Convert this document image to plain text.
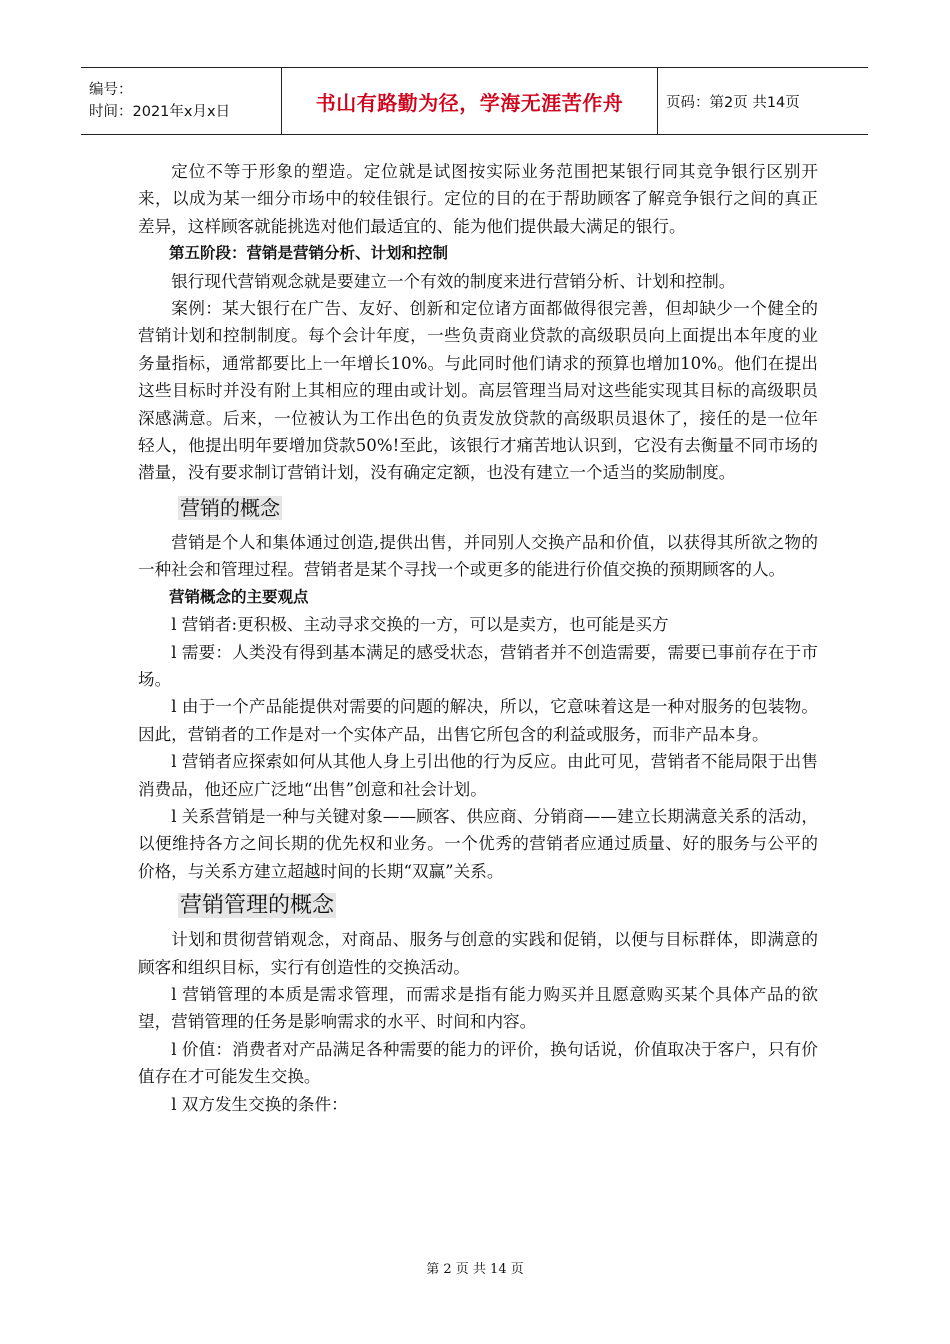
编号：
时间：2021年x月x日	书山有路勤为径，学海无涯苦作舟	页码：第2页 共14页

定位不等于形象的塑造。定位就是试图按实际业务范围把某银行同其竞争银行区别开来，以成为某一细分市场中的较佳银行。定位的目的在于帮助顾客了解竞争银行之间的真正差异，这样顾客就能挑选对他们最适宜的、能为他们提供最大满足的银行。

第五阶段：营销是营销分析、计划和控制

银行现代营销观念就是要建立一个有效的制度来进行营销分析、计划和控制。

案例：某大银行在广告、友好、创新和定位诸方面都做得很完善，但却缺少一个健全的营销计划和控制制度。每个会计年度，一些负责商业贷款的高级职员向上面提出本年度的业务量指标，通常都要比上一年增长10%。与此同时他们请求的预算也增加10%。他们在提出这些目标时并没有附上其相应的理由或计划。高层管理当局对这些能实现其目标的高级职员深感满意。后来，一位被认为工作出色的负责发放贷款的高级职员退休了，接任的是一位年轻人，他提出明年要增加贷款50%!至此，该银行才痛苦地认识到，它没有去衡量不同市场的潜量，没有要求制订营销计划，没有确定定额，也没有建立一个适当的奖励制度。

营销的概念

营销是个人和集体通过创造,提供出售，并同别人交换产品和价值，以获得其所欲之物的一种社会和管理过程。营销者是某个寻找一个或更多的能进行价值交换的预期顾客的人。

营销概念的主要观点

l 营销者:更积极、主动寻求交换的一方，可以是卖方，也可能是买方

l 需要：人类没有得到基本满足的感受状态，营销者并不创造需要，需要已事前存在于市场。

l 由于一个产品能提供对需要的问题的解决，所以，它意味着这是一种对服务的包装物。因此，营销者的工作是对一个实体产品，出售它所包含的利益或服务，而非产品本身。

l 营销者应探索如何从其他人身上引出他的行为反应。由此可见，营销者不能局限于出售消费品，他还应广泛地“出售”创意和社会计划。

l 关系营销是一种与关键对象——顾客、供应商、分销商——建立长期满意关系的活动，以便维持各方之间长期的优先权和业务。一个优秀的营销者应通过质量、好的服务与公平的价格，与关系方建立超越时间的长期“双赢”关系。

营销管理的概念

计划和贯彻营销观念，对商品、服务与创意的实践和促销，以便与目标群体，即满意的顾客和组织目标，实行有创造性的交换活动。

l 营销管理的本质是需求管理，而需求是指有能力购买并且愿意购买某个具体产品的欲望，营销管理的任务是影响需求的水平、时间和内容。

l 价值：消费者对产品满足各种需要的能力的评价，换句话说，价值取决于客户，只有价值存在才可能发生交换。

l 双方发生交换的条件：

第 2 页 共 14 页
